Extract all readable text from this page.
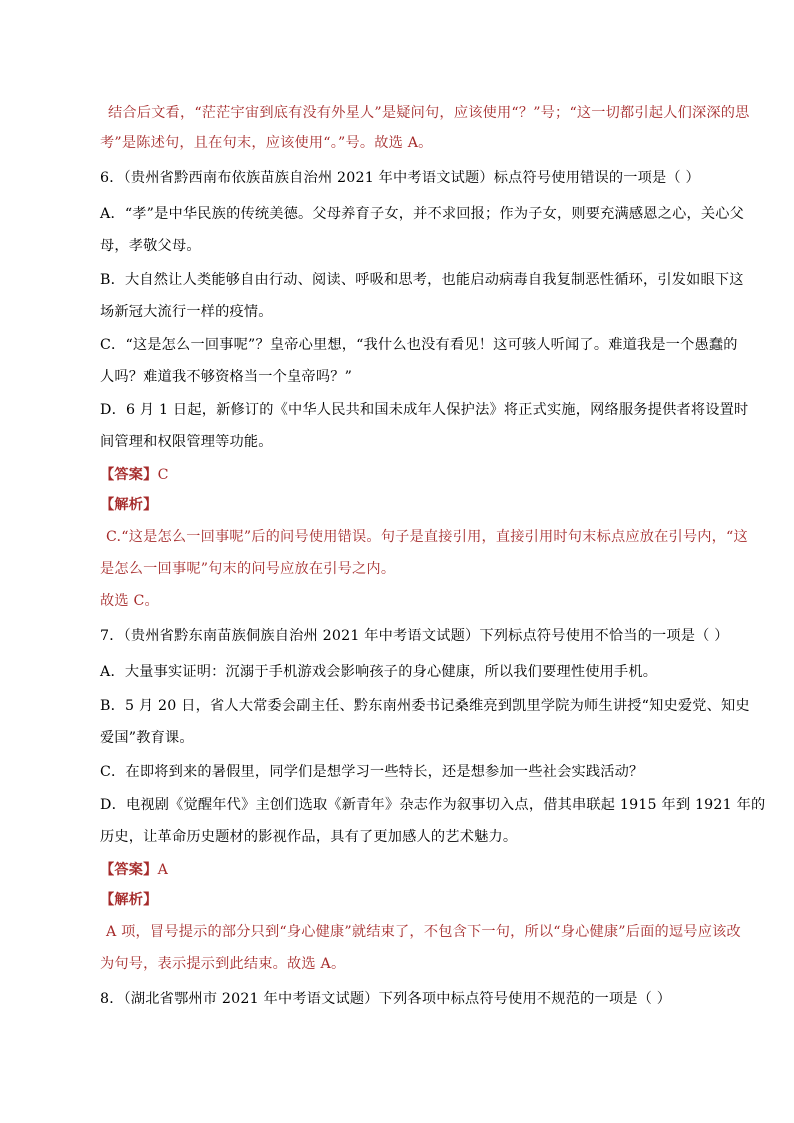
结合后文看，“茫茫宇宙到底有没有外星人”是疑问句，应该使用“？”号；“这一切都引起人们深深的思
考”是陈述句，且在句末，应该使用“。”号。故选 A。
6．（贵州省黔西南布依族苗族自治州 2021 年中考语文试题）标点符号使用错误的一项是（ ）
A．“孝”是中华民族的传统美德。父母养育子女，并不求回报；作为子女，则要充满感恩之心，关心父
母，孝敬父母。
B．大自然让人类能够自由行动、阅读、呼吸和思考，也能启动病毒自我复制恶性循环，引发如眼下这
场新冠大流行一样的疫情。
C．“这是怎么一回事呢”？皇帝心里想，“我什么也没有看见！这可骇人听闻了。难道我是一个愚蠢的
人吗？难道我不够资格当一个皇帝吗？”
D．6 月 1 日起，新修订的《中华人民共和国未成年人保护法》将正式实施，网络服务提供者将设置时
间管理和权限管理等功能。
【答案】C
【解析】
C.“这是怎么一回事呢”后的问号使用错误。句子是直接引用，直接引用时句末标点应放在引号内，“这
是怎么一回事呢”句末的问号应放在引号之内。
故选 C。
7．（贵州省黔东南苗族侗族自治州 2021 年中考语文试题）下列标点符号使用不恰当的一项是（ ）
A．大量事实证明：沉溺于手机游戏会影响孩子的身心健康，所以我们要理性使用手机。
B．5 月 20 日，省人大常委会副主任、黔东南州委书记桑维亮到凯里学院为师生讲授“知史爱党、知史
爱国”教育课。
C．在即将到来的暑假里，同学们是想学习一些特长，还是想参加一些社会实践活动？
D．电视剧《觉醒年代》主创们选取《新青年》杂志作为叙事切入点，借其串联起 1915 年到 1921 年的
历史，让革命历史题材的影视作品，具有了更加感人的艺术魅力。
【答案】A
【解析】
A 项，冒号提示的部分只到“身心健康”就结束了，不包含下一句，所以“身心健康”后面的逗号应该改
为句号，表示提示到此结束。故选 A。
8．（湖北省鄂州市 2021 年中考语文试题）下列各项中标点符号使用不规范的一项是（ ）
